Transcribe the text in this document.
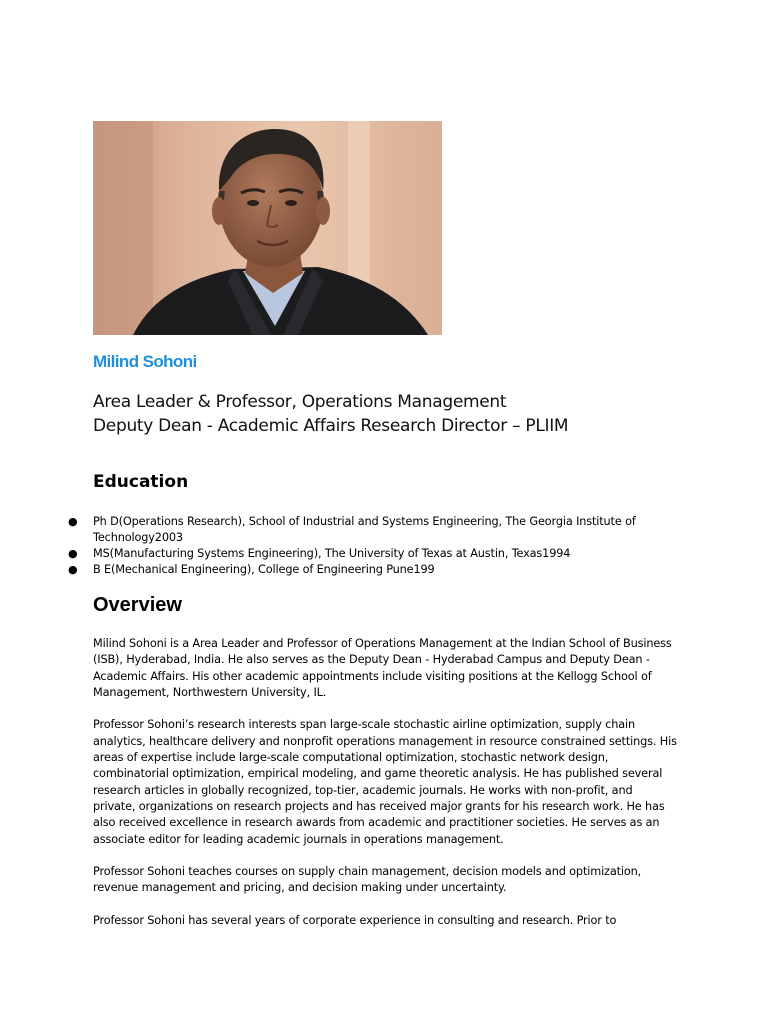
Milind Sohoni
Area Leader & Professor, Operations Management
Deputy Dean - Academic Affairs Research Director – PLIIM
Education
● Ph D(Operations Research), School of Industrial and Systems Engineering, The Georgia Institute of Technology2003
● MS(Manufacturing Systems Engineering), The University of Texas at Austin, Texas1994
● B E(Mechanical Engineering), College of Engineering Pune199
Overview

Milind Sohoni is a Area Leader and Professor of Operations Management at the Indian School of Business (ISB), Hyderabad, India. He also serves as the Deputy Dean - Hyderabad Campus and Deputy Dean - Academic Affairs. His other academic appointments include visiting positions at the Kellogg School of Management, Northwestern University, IL.

Professor Sohoni’s research interests span large-scale stochastic airline optimization, supply chain analytics, healthcare delivery and nonprofit operations management in resource constrained settings. His areas of expertise include large-scale computational optimization, stochastic network design, combinatorial optimization, empirical modeling, and game theoretic analysis. He has published several research articles in globally recognized, top-tier, academic journals. He works with non-profit, and private, organizations on research projects and has received major grants for his research work. He has also received excellence in research awards from academic and practitioner societies. He serves as an associate editor for leading academic journals in operations management.

Professor Sohoni teaches courses on supply chain management, decision models and optimization, revenue management and pricing, and decision making under uncertainty.

Professor Sohoni has several years of corporate experience in consulting and research. Prior to
